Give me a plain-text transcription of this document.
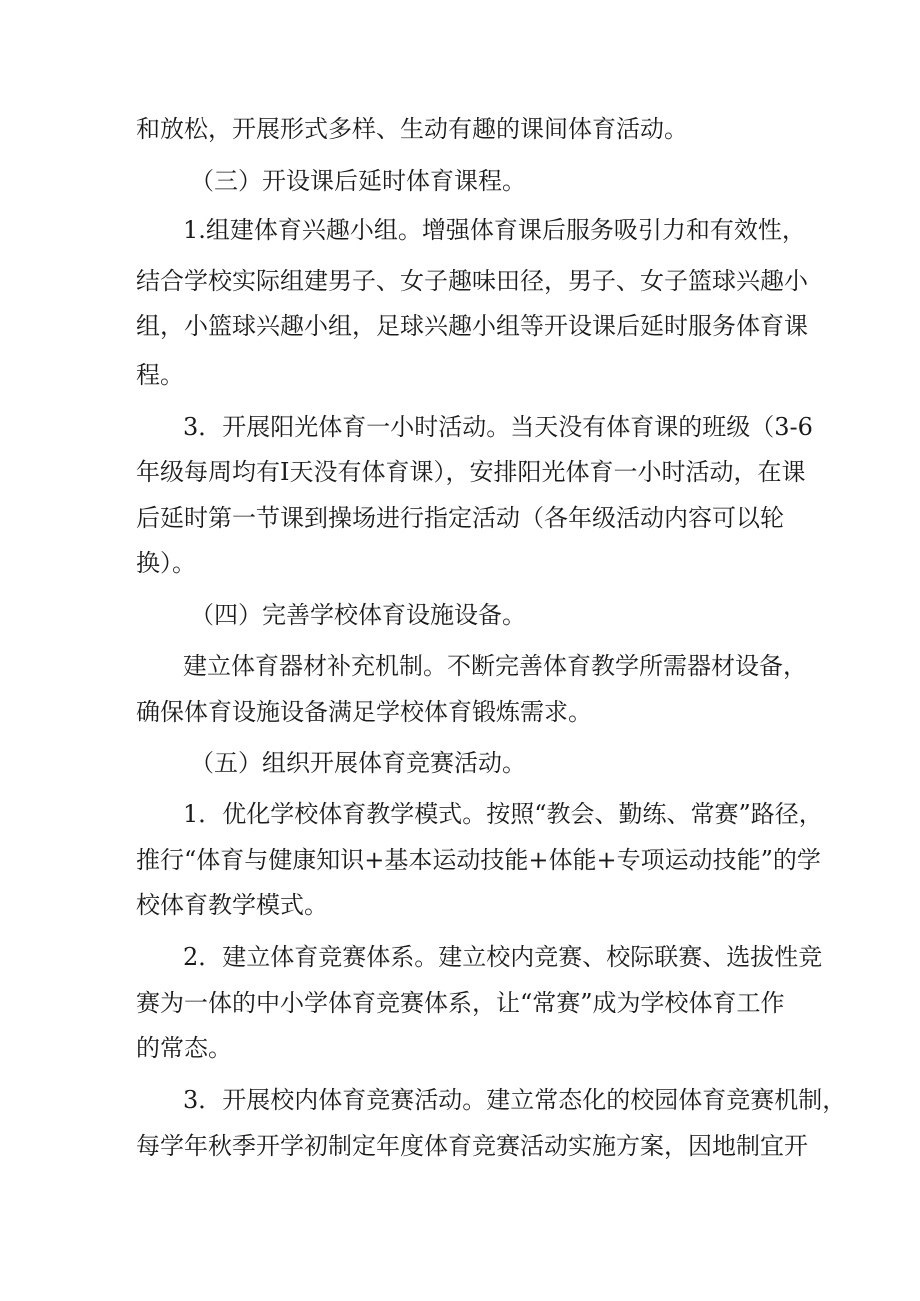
和放松，开展形式多样、生动有趣的课间体育活动。
（三）开设课后延时体育课程。
1.组建体育兴趣小组。增强体育课后服务吸引力和有效性，
结合学校实际组建男子、女子趣味田径，男子、女子篮球兴趣小
组，小篮球兴趣小组，足球兴趣小组等开设课后延时服务体育课
程。
3．开展阳光体育一小时活动。当天没有体育课的班级（3-6
年级每周均有I天没有体育课），安排阳光体育一小时活动，在课
后延时第一节课到操场进行指定活动（各年级活动内容可以轮
换）。
（四）完善学校体育设施设备。
建立体育器材补充机制。不断完善体育教学所需器材设备，
确保体育设施设备满足学校体育锻炼需求。
（五）组织开展体育竞赛活动。
1．优化学校体育教学模式。按照“教会、勤练、常赛”路径，
推行“体育与健康知识+基本运动技能+体能+专项运动技能”的学
校体育教学模式。
2．建立体育竞赛体系。建立校内竞赛、校际联赛、选拔性竞
赛为一体的中小学体育竞赛体系，让“常赛”成为学校体育工作
的常态。
3．开展校内体育竞赛活动。建立常态化的校园体育竞赛机制，
每学年秋季开学初制定年度体育竞赛活动实施方案，因地制宜开
